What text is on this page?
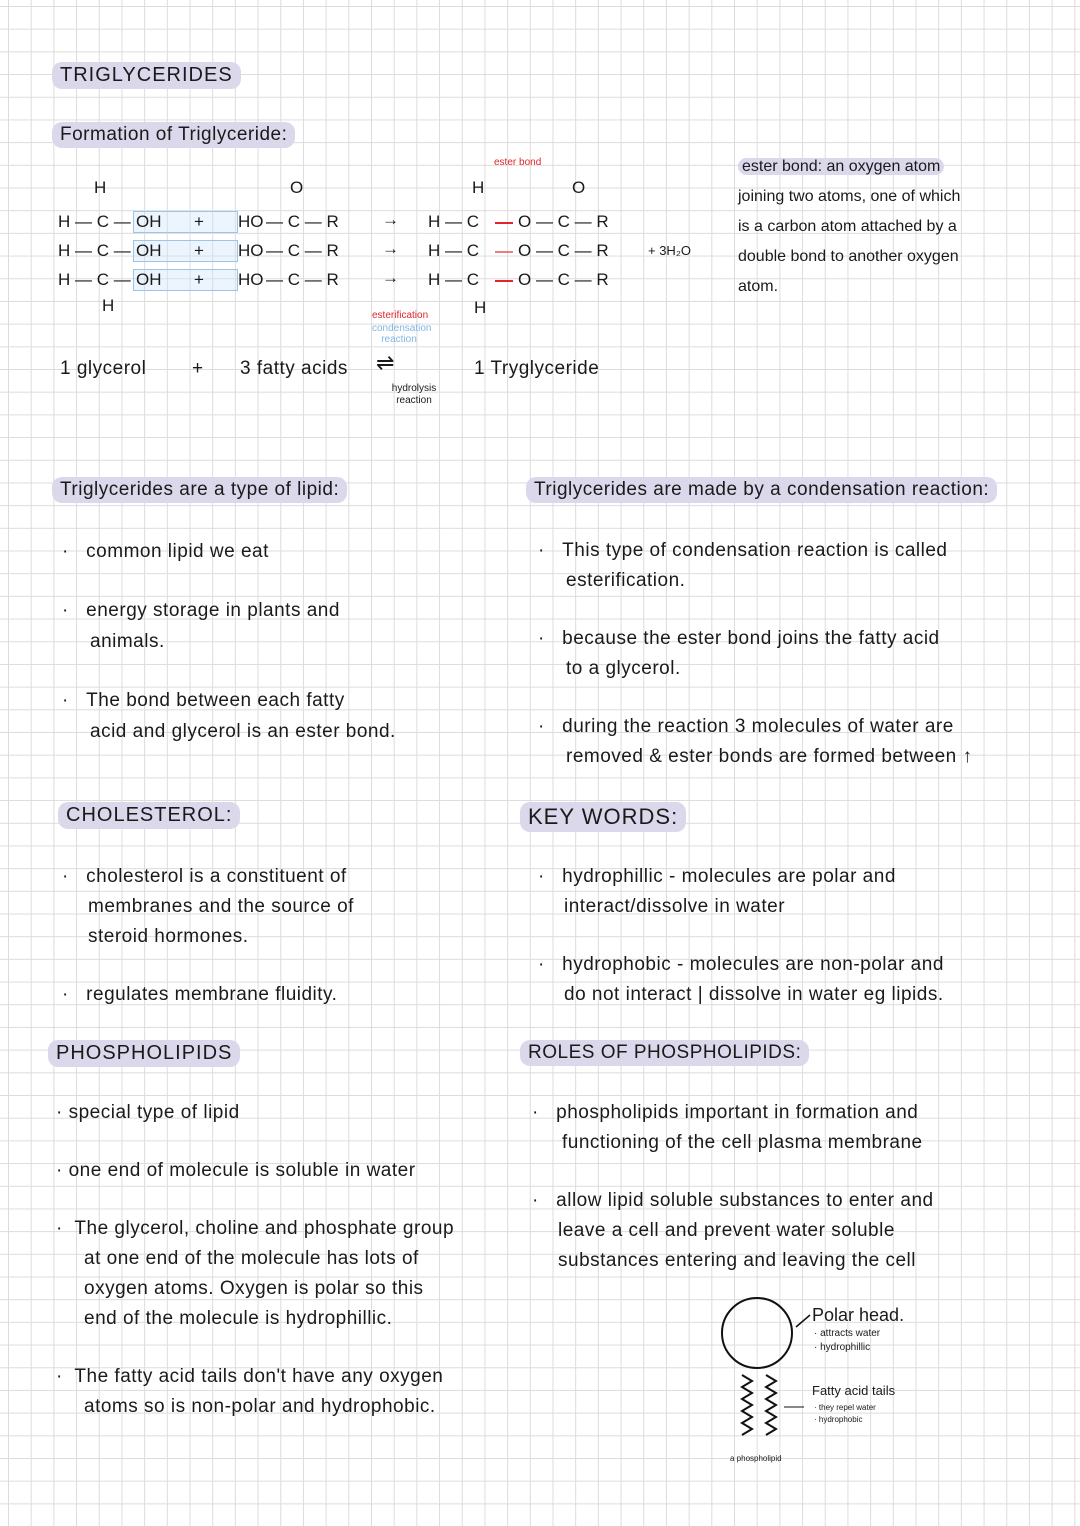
TRIGLYCERIDES
Formation of Triglyceride:
ester bond
H
H
O
H — C —
H — C —
H — C —
OH
OH
OH
+
+
+
HO
HO
HO
— C — R
— C — R
— C — R
→
→
→
H
H
O
H — C
H — C
H — C
O — C — R
O — C — R
O — C — R
+ 3H₂O
esterification
condensation reaction
⇌
hydrolysis reaction
1 glycerol + 3 fatty acids	1 Tryglyceride
ester bond: an oxygen atom
joining two atoms, one of which
is a carbon atom attached by a
double bond to another oxygen
atom.
Triglycerides are a type of lipid:
·   common lipid we eat
·   energy storage in plants and
animals.
·   The bond between each fatty
acid and glycerol is an ester bond.
Triglycerides are made by a condensation reaction:
·   This type of condensation reaction is called
esterification.
·   because the ester bond joins the fatty acid
to a glycerol.
·   during the reaction 3 molecules of water are
removed & ester bonds are formed between ↑
CHOLESTEROL:
·   cholesterol is a constituent of
membranes and the source of
steroid hormones.
·   regulates membrane fluidity.
KEY WORDS:
·   hydrophillic - molecules are polar and
interact/dissolve in water
·   hydrophobic - molecules are non-polar and
do not interact | dissolve in water eg lipids.
PHOSPHOLIPIDS
· special type of lipid
· one end of molecule is soluble in water
·  The glycerol, choline and phosphate group
at one end of the molecule has lots of
oxygen atoms. Oxygen is polar so this
end of the molecule is hydrophillic.
·  The fatty acid tails don't have any oxygen
atoms so is non-polar and hydrophobic.
ROLES OF PHOSPHOLIPIDS:
·   phospholipids important in formation and
functioning of the cell plasma membrane
·   allow lipid soluble substances to enter and
leave a cell and prevent water soluble
substances entering and leaving the cell
Polar head.
· attracts water
· hydrophillic
Fatty acid tails
· they repel water
· hydrophobic
a phospholipid
